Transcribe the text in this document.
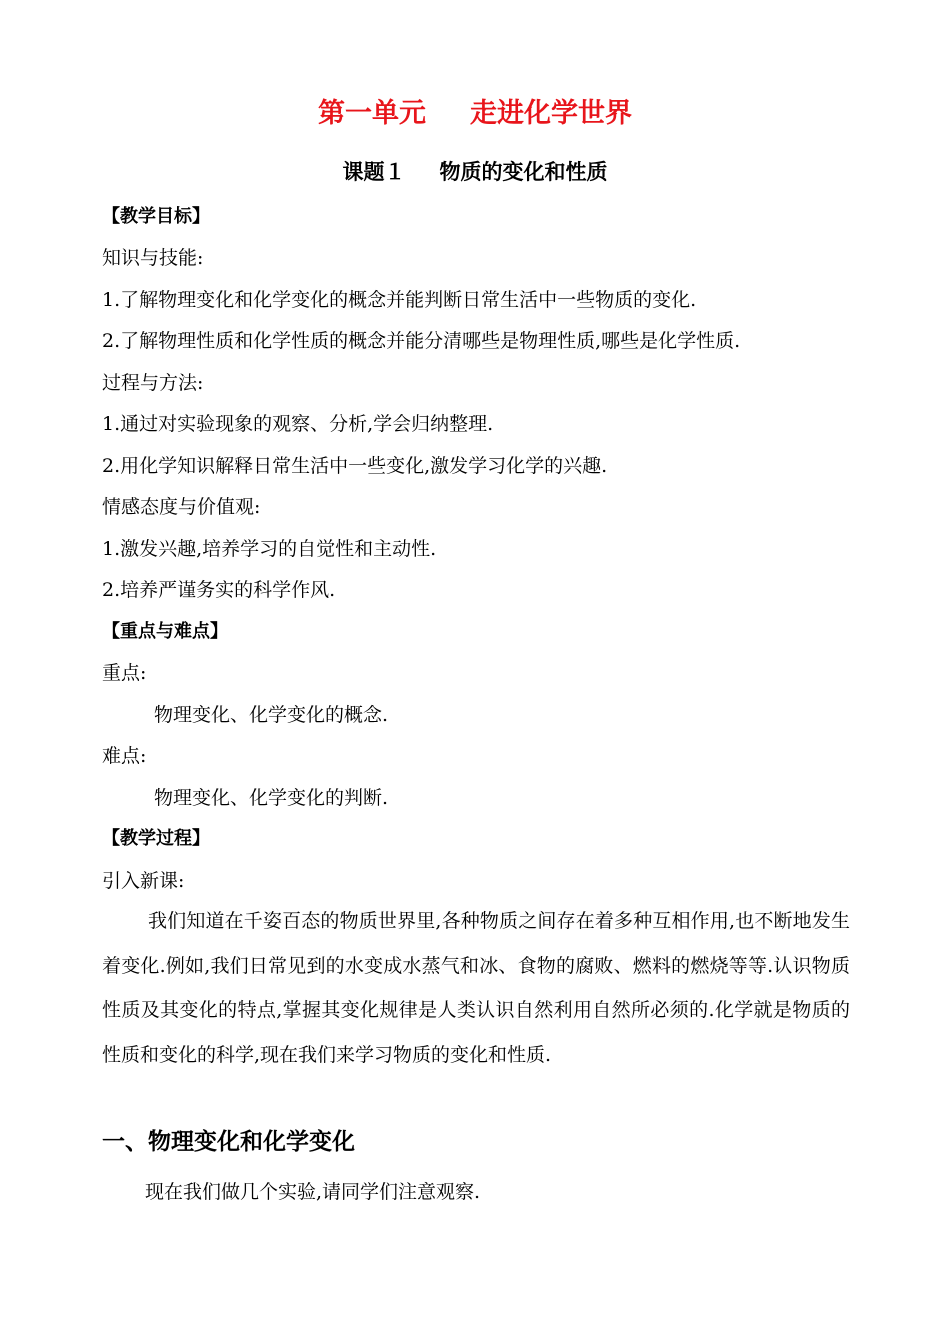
第一单元 走进化学世界
课题１ 物质的变化和性质
【教学目标】
知识与技能:
1.了解物理变化和化学变化的概念并能判断日常生活中一些物质的变化.
2.了解物理性质和化学性质的概念并能分清哪些是物理性质,哪些是化学性质.
过程与方法:
1.通过对实验现象的观察、分析,学会归纳整理.
2.用化学知识解释日常生活中一些变化,激发学习化学的兴趣.
情感态度与价值观:
1.激发兴趣,培养学习的自觉性和主动性.
2.培养严谨务实的科学作风.
【重点与难点】
重点:
物理变化、化学变化的概念.
难点:
物理变化、化学变化的判断.
【教学过程】
引入新课:
我们知道在千姿百态的物质世界里,各种物质之间存在着多种互相作用,也不断地发生着变化.例如,我们日常见到的水变成水蒸气和冰、食物的腐败、燃料的燃烧等等.认识物质性质及其变化的特点,掌握其变化规律是人类认识自然利用自然所必须的.化学就是物质的性质和变化的科学,现在我们来学习物质的变化和性质.
一、物理变化和化学变化
现在我们做几个实验,请同学们注意观察.
